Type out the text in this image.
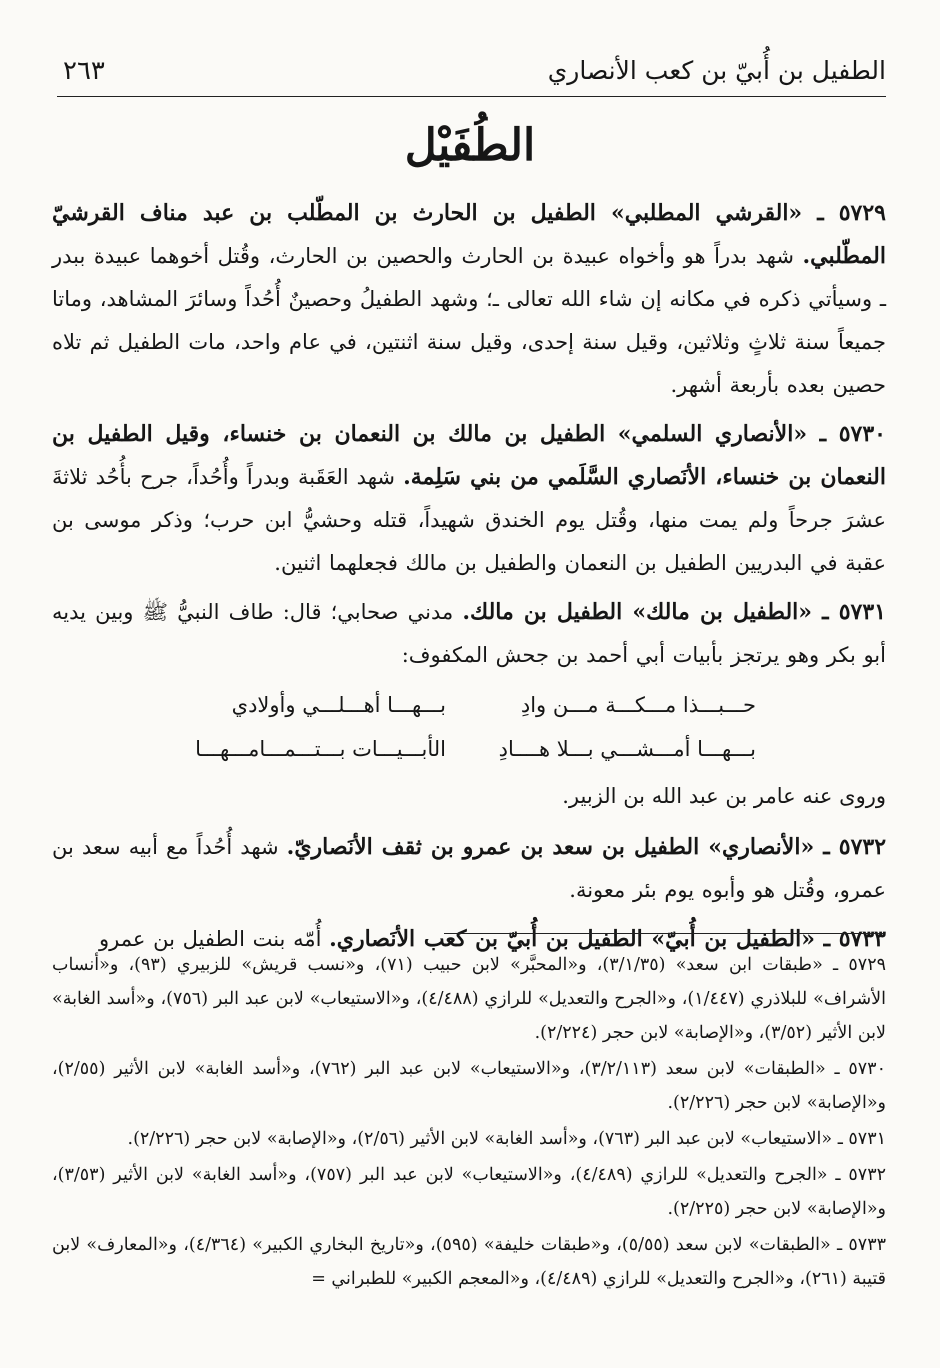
الطفيل بن أُبيّ بن كعب الأنصاري
٢٦٣
الطُفَيْل

٥٧٢٩ ـ «القرشي المطلبي» الطفيل بن الحارث بن المطّلب بن عبد مناف القرشيّ المطّلبي. شهد بدراً هو وأخواه عبيدة بن الحارث والحصين بن الحارث، وقُتل أخوهما عبيدة ببدر ـ وسيأتي ذكره في مكانه إن شاء الله تعالى ـ؛ وشهد الطفيلُ وحصينٌ أُحُداً وسائرَ المشاهد، وماتا جميعاً سنة ثلاثٍ وثلاثين، وقيل سنة إحدى، وقيل سنة اثنتين، في عام واحد، مات الطفيل ثم تلاه حصين بعده بأربعة أشهر.

٥٧٣٠ ـ «الأنصاري السلمي» الطفيل بن مالك بن النعمان بن خنساء، وقيل الطفيل بن النعمان بن خنساء، الأنَصاري السَّلَمي من بني سَلِمة. شهد العَقَبة وبدراً وأُحُداً، جرح بأُحُد ثلاثةَ عشرَ جرحاً ولم يمت منها، وقُتل يوم الخندق شهيداً، قتله وحشيُّ ابن حرب؛ وذكر موسى بن عقبة في البدريين الطفيل بن النعمان والطفيل بن مالك فجعلهما اثنين.

٥٧٣١ ـ «الطفيل بن مالك» الطفيل بن مالك. مدني صحابي؛ قال: طاف النبيُّ ﷺ وبين يديه أبو بكر وهو يرتجز بأبيات أبي أحمد بن جحش المكفوف:

حـــبـــذا مـــكـــة مـــن وادِ
بـــهـــا أهـــلـــي وأولادي
بـــهـــا أمـــشـــي بـــلا هــــادِ
الأبـــيـــات بـــتـــمـــامـــهـــا

وروى عنه عامر بن عبد الله بن الزبير.

٥٧٣٢ ـ «الأنصاري» الطفيل بن سعد بن عمرو بن ثقف الأنَصاريّ. شهد أُحُداً مع أبيه سعد بن عمرو، وقُتل هو وأبوه يوم بئر معونة.

٥٧٣٣ ـ «الطفيل بن أُبيّ» الطفيل بن أُبيّ بن كعب الأنَصاري. أُمّه بنت الطفيل بن عمرو

٥٧٢٩ ـ «طبقات ابن سعد» (٣/١/٣٥)، و«المحبَّر» لابن حبيب (٧١)، و«نسب قريش» للزبيري (٩٣)، و«أنساب الأشراف» للبلاذري (١/٤٤٧)، و«الجرح والتعديل» للرازي (٤/٤٨٨)، و«الاستيعاب» لابن عبد البر (٧٥٦)، و«أسد الغابة» لابن الأثير (٣/٥٢)، و«الإصابة» لابن حجر (٢/٢٢٤).

٥٧٣٠ ـ «الطبقات» لابن سعد (٣/٢/١١٣)، و«الاستيعاب» لابن عبد البر (٧٦٢)، و«أسد الغابة» لابن الأثير (٢/٥٥)، و«الإصابة» لابن حجر (٢/٢٢٦).

٥٧٣١ ـ «الاستيعاب» لابن عبد البر (٧٦٣)، و«أسد الغابة» لابن الأثير (٢/٥٦)، و«الإصابة» لابن حجر (٢/٢٢٦).

٥٧٣٢ ـ «الجرح والتعديل» للرازي (٤/٤٨٩)، و«الاستيعاب» لابن عبد البر (٧٥٧)، و«أسد الغابة» لابن الأثير (٣/٥٣)، و«الإصابة» لابن حجر (٢/٢٢٥).

٥٧٣٣ ـ «الطبقات» لابن سعد (٥/٥٥)، و«طبقات خليفة» (٥٩٥)، و«تاريخ البخاري الكبير» (٤/٣٦٤)، و«المعارف» لابن قتيبة (٢٦١)، و«الجرح والتعديل» للرازي (٤/٤٨٩)، و«المعجم الكبير» للطبراني =
